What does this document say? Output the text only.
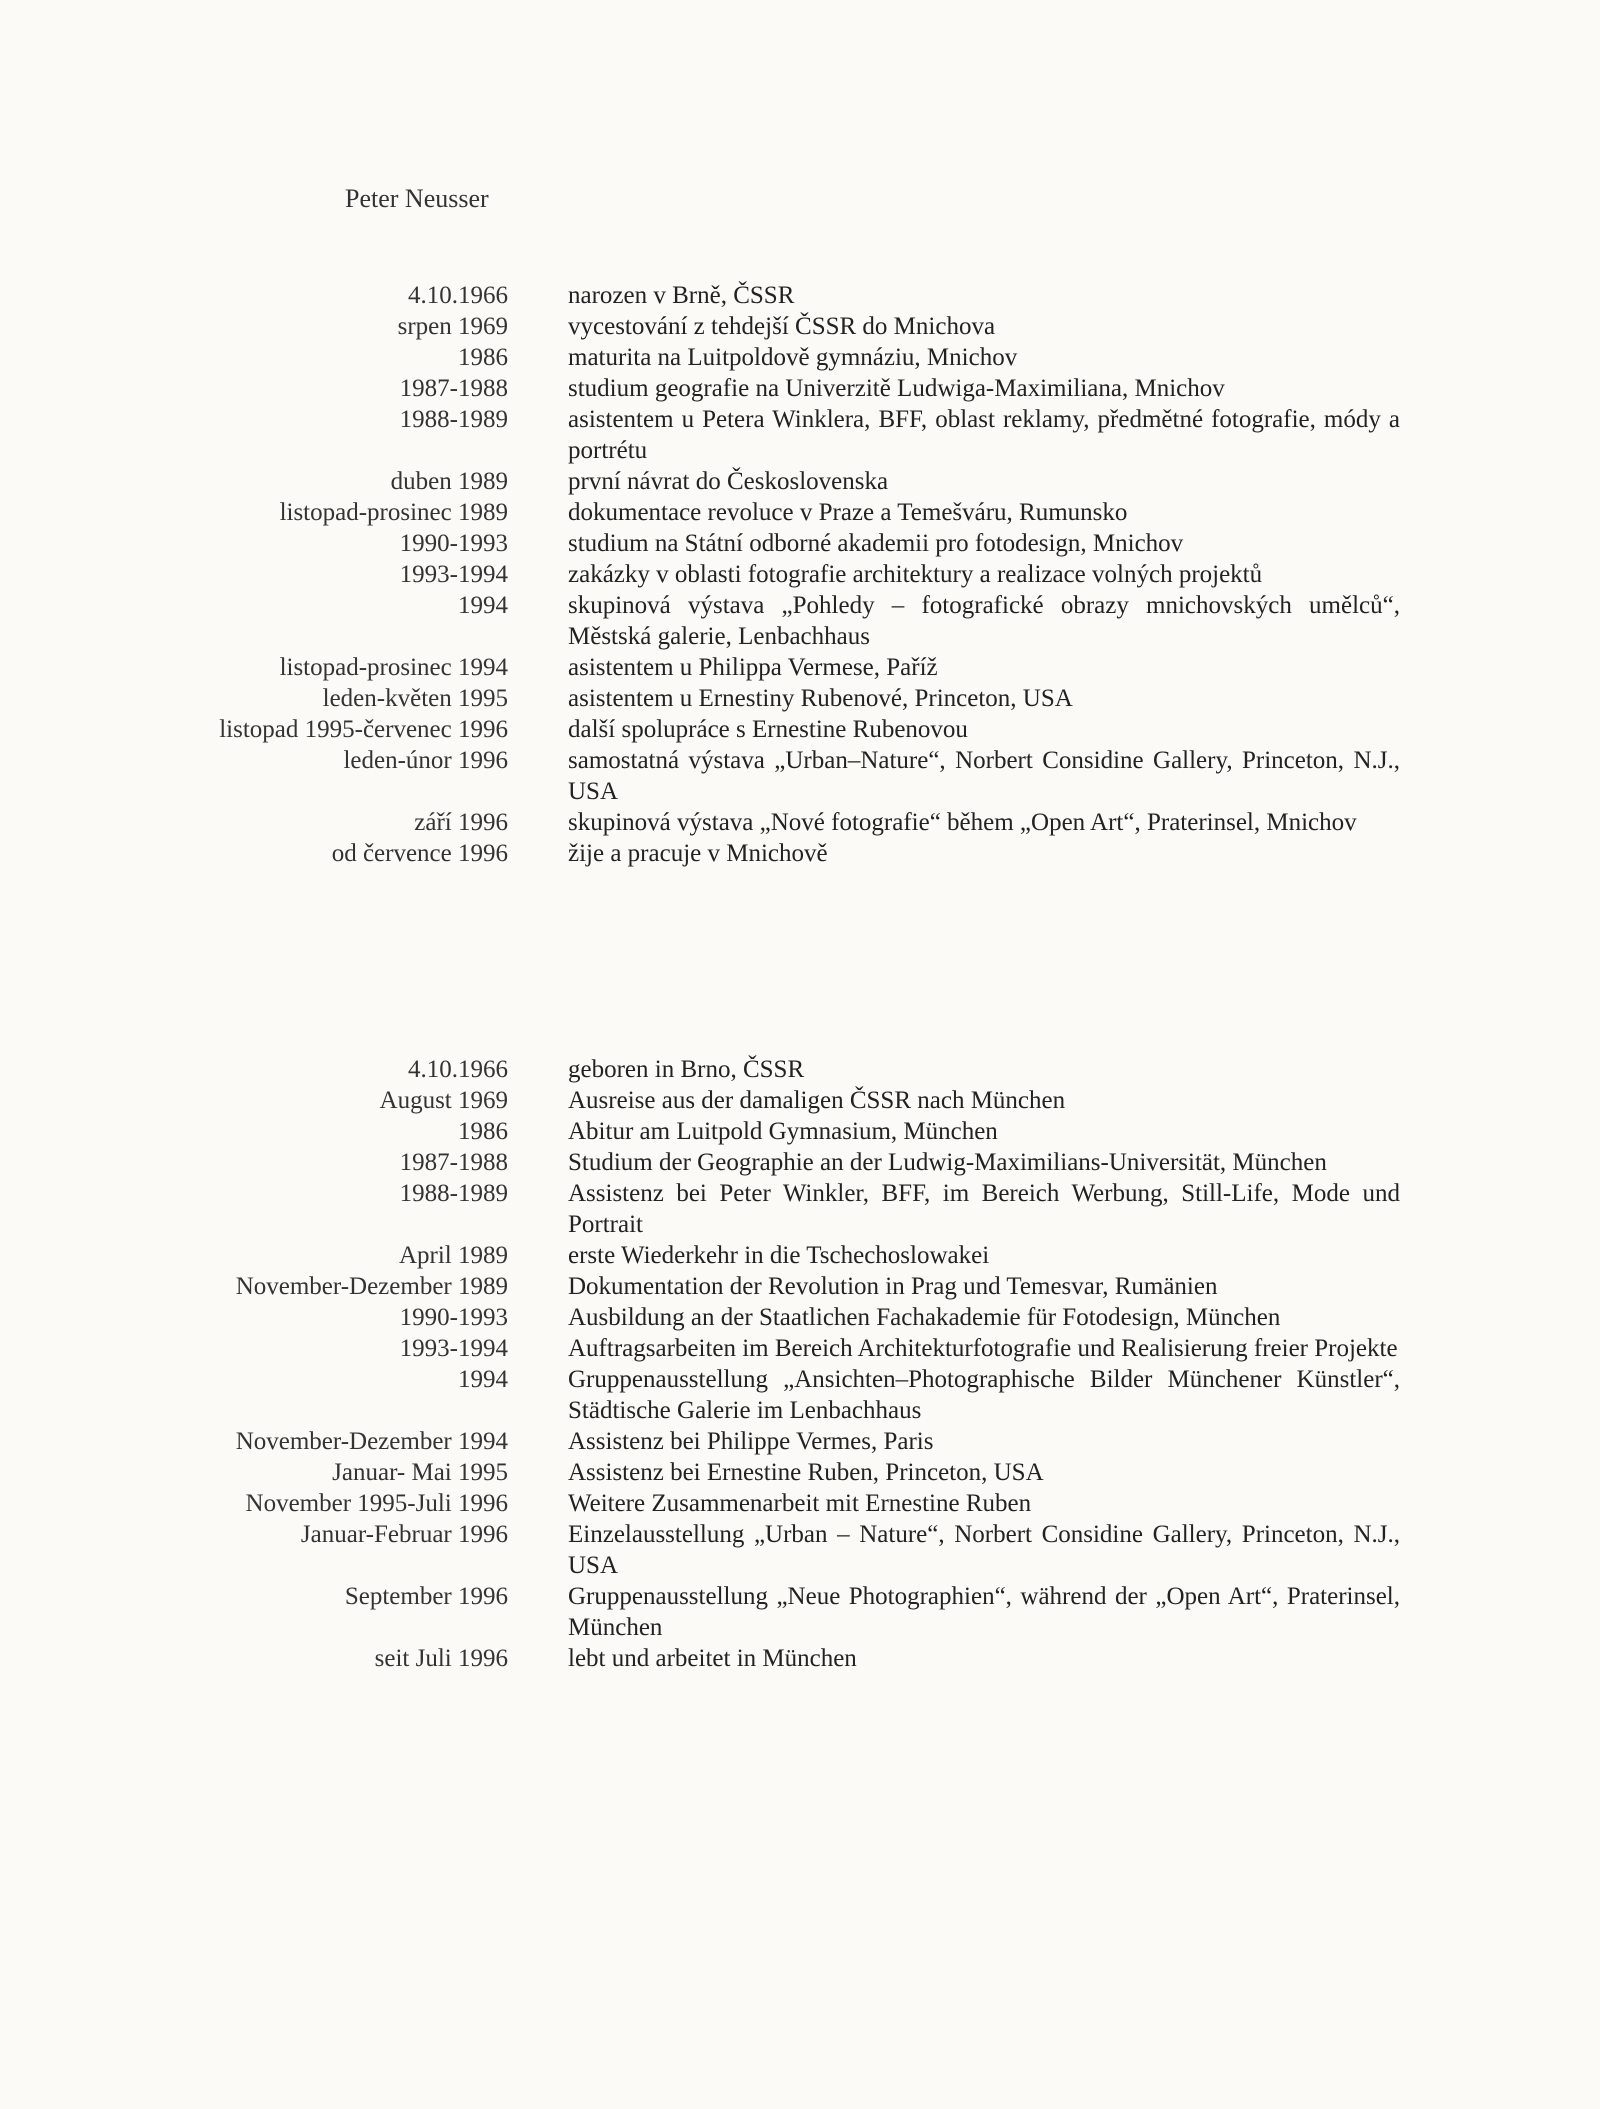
Peter Neusser
4.10.1966	narozen v Brně, ČSSR
srpen 1969	vycestování z tehdejší ČSSR do Mnichova
1986	maturita na Luitpoldově gymnáziu, Mnichov
1987-1988	studium geografie na Univerzitě Ludwiga-Maximiliana, Mnichov
1988-1989	asistentem u Petera Winklera, BFF, oblast reklamy, předmětné fotografie, módy a portrétu
duben 1989	první návrat do Československa
listopad-prosinec 1989	dokumentace revoluce v Praze a Temešváru, Rumunsko
1990-1993	studium na Státní odborné akademii pro fotodesign, Mnichov
1993-1994	zakázky v oblasti fotografie architektury a realizace volných projektů
1994	skupinová výstava „Pohledy – fotografické obrazy mnichovských umělců“, Městská galerie, Lenbachhaus
listopad-prosinec 1994	asistentem u Philippa Vermese, Paříž
leden-květen 1995	asistentem u Ernestiny Rubenové, Princeton, USA
listopad 1995-červenec 1996	další spolupráce s Ernestine Rubenovou
leden-únor 1996	samostatná výstava „Urban–Nature“, Norbert Considine Gallery, Princeton, N.J., USA
září 1996	skupinová výstava „Nové fotografie“ během „Open Art“, Praterinsel, Mnichov
od července 1996	žije a pracuje v Mnichově
4.10.1966	geboren in Brno, ČSSR
August 1969	Ausreise aus der damaligen ČSSR nach München
1986	Abitur am Luitpold Gymnasium, München
1987-1988	Studium der Geographie an der Ludwig-Maximilians-Universität, München
1988-1989	Assistenz bei Peter Winkler, BFF, im Bereich Werbung, Still-Life, Mode und Portrait
April 1989	erste Wiederkehr in die Tschechoslowakei
November-Dezember 1989	Dokumentation der Revolution in Prag und Temesvar, Rumänien
1990-1993	Ausbildung an der Staatlichen Fachakademie für Fotodesign, München
1993-1994	Auftragsarbeiten im Bereich Architekturfotografie und Realisierung freier Projekte
1994	Gruppenausstellung „Ansichten–Photographische Bilder Münchener Künstler“, Städtische Galerie im Lenbachhaus
November-Dezember 1994	Assistenz bei Philippe Vermes, Paris
Januar- Mai 1995	Assistenz bei Ernestine Ruben, Princeton, USA
November 1995-Juli 1996	Weitere Zusammenarbeit mit Ernestine Ruben
Januar-Februar 1996	Einzelausstellung „Urban – Nature“, Norbert Considine Gallery, Princeton, N.J., USA
September 1996	Gruppenausstellung „Neue Photographien“, während der „Open Art“, Praterinsel, München
seit Juli 1996	lebt und arbeitet in München
